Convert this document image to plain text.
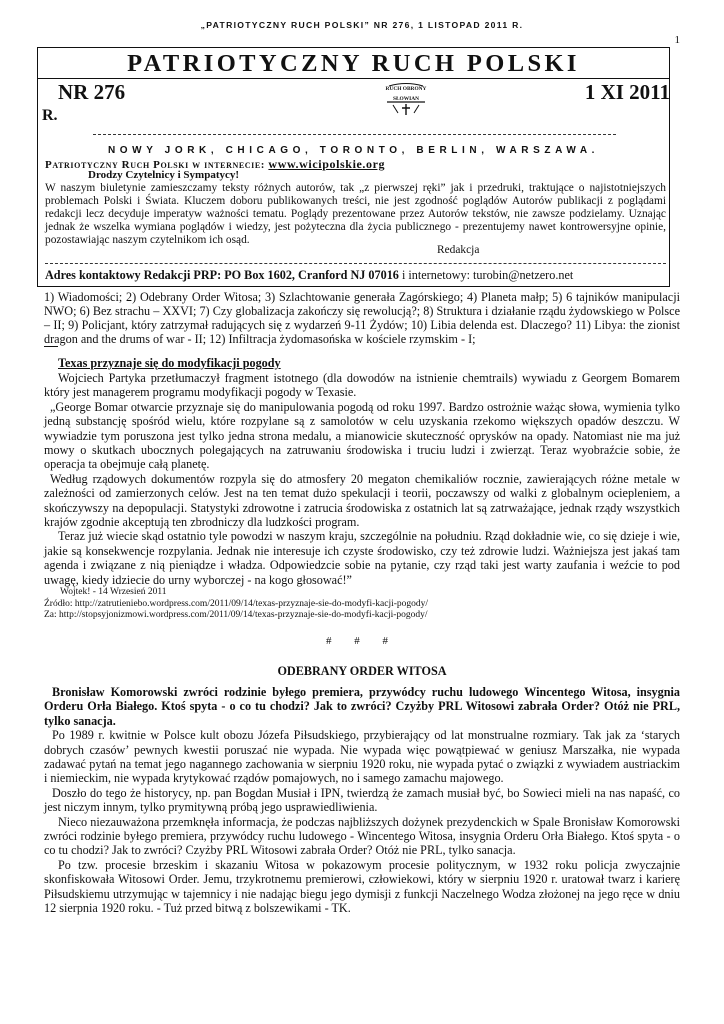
„PATRIOTYCZNY RUCH POLSKI” NR 276, 1 LISTOPAD 2011 R.
1
PATRIOTYCZNY RUCH POLSKI
NR 276	1 XI 2011
R.
RUCH OBRONY
SŁOWIAN
NOWY JORK, CHICAGO, TORONTO, BERLIN, WARSZAWA.
Patriotyczny Ruch Polski w internecie: www.wicipolskie.org
Drodzy Czytelnicy i Sympatycy!
W naszym biuletynie zamieszczamy teksty różnych autorów, tak „z pierwszej ręki” jak i przedruki, traktujące o najistotniejszych problemach Polski i Świata. Kluczem doboru publikowanych treści, nie jest zgodność poglądów Autorów publikacji z poglądami redakcji lecz decyduje imperatyw ważności tematu. Poglądy prezentowane przez Autorów tekstów, nie zawsze podzielamy. Uznając jednak że wszelka wymiana poglądów i wiedzy, jest pożyteczna dla życia publicznego - prezentujemy nawet kontrowersyjne opinie, pozostawiając naszym czytelnikom ich osąd.
Redakcja
Adres kontaktowy Redakcji PRP: PO Box 1602, Cranford NJ 07016 i internetowy: turobin@netzero.net
1) Wiadomości; 2) Odebrany Order Witosa; 3) Szlachtowanie generała Zagórskiego; 4) Planeta małp; 5) 6 tajników manipulacji NWO; 6) Bez strachu – XXVI; 7) Czy globalizacja zakończy się rewolucją?; 8) Struktura i działanie rządu żydowskiego w Polsce – II; 9) Policjant, który zatrzymał radujących się z wydarzeń 9-11 Żydów; 10) Libia delenda est. Dlaczego? 11) Libya: the zionist dragon and the drums of war - II; 12) Infiltracja żydomasońska w kościele rzymskim - I;
Texas przyznaje się do modyfikacji pogody

Wojciech Partyka przetłumaczył fragment istotnego (dla dowodów na istnienie chemtrails) wywiadu z Georgem Bomarem który jest managerem programu modyfikacji pogody w Texasie.

„George Bomar otwarcie przyznaje się do manipulowania pogodą od roku 1997. Bardzo ostrożnie ważąc słowa, wymienia tylko jedną substancję spośród wielu, które rozpylane są z samolotów w celu uzyskania rzekomo większych opadów deszczu. W wywiadzie tym poruszona jest tylko jedna strona medalu, a mianowicie skuteczność oprysków na opady. Natomiast nie ma już mowy o skutkach ubocznych polegających na zatruwaniu środowiska i truciu ludzi i zwierząt. Teraz wyobraźcie sobie, że operacja ta obejmuje całą planetę.

Według rządowych dokumentów rozpyla się do atmosfery 20 megaton chemikaliów rocznie, zawierających różne metale w zależności od zamierzonych celów. Jest na ten temat dużo spekulacji i teorii, poczawszy od walki z globalnym ociepleniem, a skończywszy na depopulacji. Statystyki zdrowotne i zatrucia środowiska z ostatnich lat są zatrważające, jednak rządy wszystkich krajów zgodnie akceptują ten zbrodniczy dla ludzkości program.

Teraz już wiecie skąd ostatnio tyle powodzi w naszym kraju, szczególnie na południu. Rząd dokładnie wie, co się dzieje i wie, jakie są konsekwencje rozpylania. Jednak nie interesuje ich czyste środowisko, czy też zdrowie ludzi. Ważniejsza jest jakaś tam agenda i związane z nią pieniądze i władza. Odpowiedzcie sobie na pytanie, czy rząd taki jest warty zaufania i weźcie to pod uwagę, kiedy idziecie do urny wyborczej - na kogo głosować!”

Wojtek! - 14 Wrzesień 2011
Źródło: http://zatrutieniebo.wordpress.com/2011/09/14/texas-przyznaje-sie-do-modyfi-kacji-pogody/
Za: http://stopsyjonizmowi.wordpress.com/2011/09/14/texas-przyznaje-sie-do-modyfi-kacji-pogody/
# # #
ODEBRANY ORDER WITOSA

Bronisław Komorowski zwróci rodzinie byłego premiera, przywódcy ruchu ludowego Wincentego Witosa, insygnia Orderu Orła Białego. Ktoś spyta - o co tu chodzi? Jak to zwróci? Czyżby PRL Witosowi zabrała Order? Otóż nie PRL, tylko sanacja.

Po 1989 r. kwitnie w Polsce kult obozu Józefa Piłsudskiego, przybierający od lat monstrualne rozmiary. Tak jak za ‘starych dobrych czasów’ pewnych kwestii poruszać nie wypada. Nie wypada więc powątpiewać w geniusz Marszałka, nie wypada zadawać pytań na temat jego nagannego zachowania w sierpniu 1920 roku, nie wypada pytać o związki z wywiadem austriackim i niemieckim, nie wypada krytykować rządów pomajowych, no i samego zamachu majowego.

Doszło do tego że historycy, np. pan Bogdan Musiał i IPN, twierdzą że zamach musiał być, bo Sowieci mieli na nas napaść, co jest niczym innym, tylko prymitywną próbą jego usprawiedliwienia.

Nieco niezauważona przemknęła informacja, że podczas najbliższych dożynek prezydenckich w Spale Bronisław Komorowski zwróci rodzinie byłego premiera, przywódcy ruchu ludowego - Wincentego Witosa, insygnia Orderu Orła Białego. Ktoś spyta - o co tu chodzi? Jak to zwróci? Czyżby PRL Witosowi zabrała Order? Otóż nie PRL, tylko sanacja.

Po tzw. procesie brzeskim i skazaniu Witosa w pokazowym procesie politycznym, w 1932 roku policja zwyczajnie skonfiskowała Witosowi Order. Jemu, trzykrotnemu premierowi, człowiekowi, który w sierpniu 1920 r. uratował twarz i karierę Piłsudskiemu utrzymując w tajemnicy i nie nadając biegu jego dymisji z funkcji Naczelnego Wodza złożonej na jego ręce w dniu 12 sierpnia 1920 roku. - Tuż przed bitwą z bolszewikami - TK.
